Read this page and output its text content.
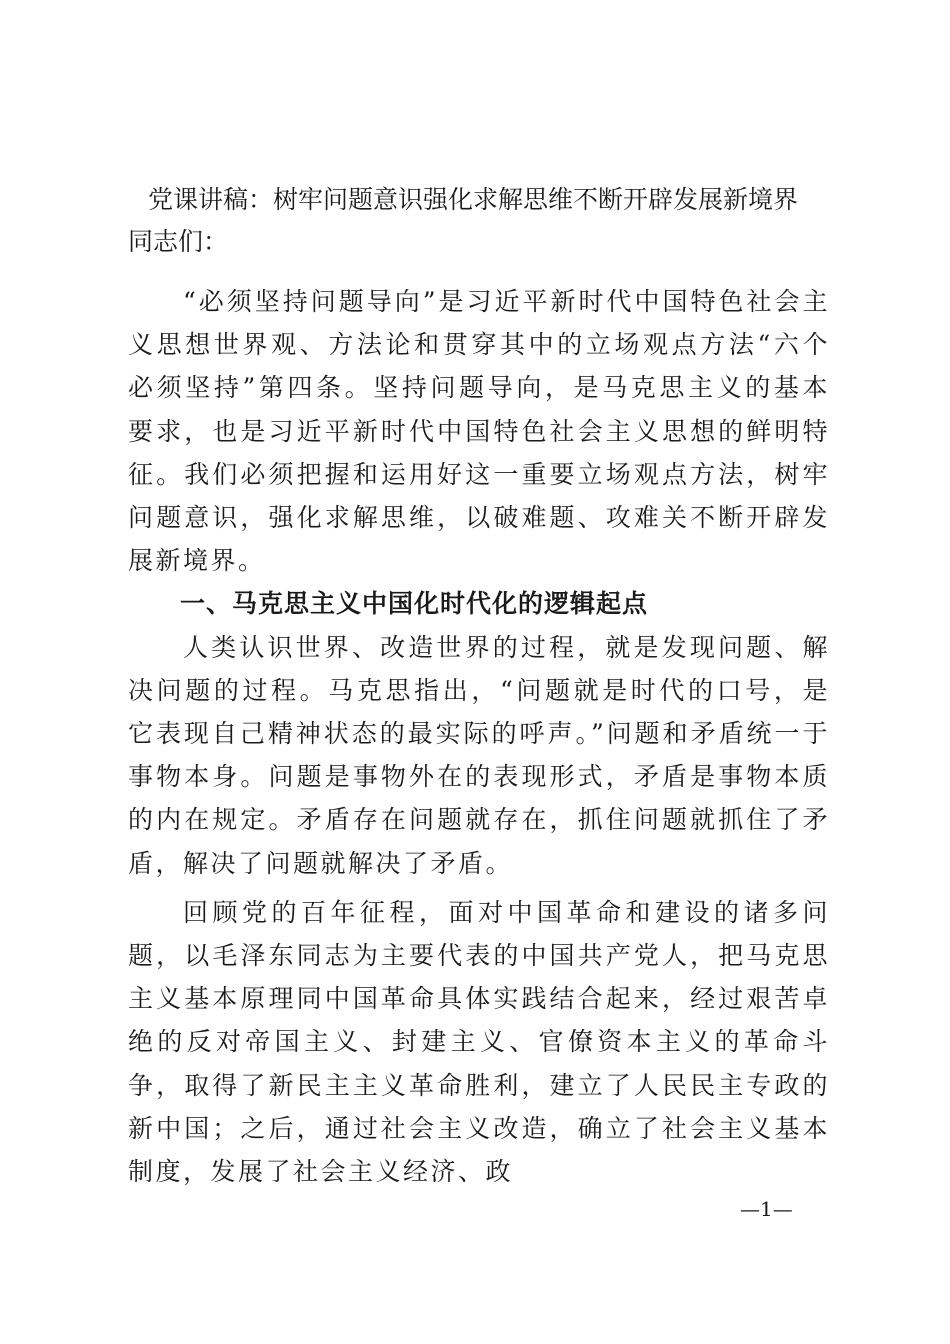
党课讲稿：树牢问题意识强化求解思维不断开辟发展新境界
同志们：

“必须坚持问题导向”是习近平新时代中国特色社会主义思想世界观、方法论和贯穿其中的立场观点方法“六个必须坚持”第四条。坚持问题导向，是马克思主义的基本要求，也是习近平新时代中国特色社会主义思想的鲜明特征。我们必须把握和运用好这一重要立场观点方法，树牢问题意识，强化求解思维，以破难题、攻难关不断开辟发展新境界。

一、马克思主义中国化时代化的逻辑起点

人类认识世界、改造世界的过程，就是发现问题、解决问题的过程。马克思指出，“问题就是时代的口号，是它表现自己精神状态的最实际的呼声。”问题和矛盾统一于事物本身。问题是事物外在的表现形式，矛盾是事物本质的内在规定。矛盾存在问题就存在，抓住问题就抓住了矛盾，解决了问题就解决了矛盾。

回顾党的百年征程，面对中国革命和建设的诸多问题，以毛泽东同志为主要代表的中国共产党人，把马克思主义基本原理同中国革命具体实践结合起来，经过艰苦卓绝的反对帝国主义、封建主义、官僚资本主义的革命斗争，取得了新民主主义革命胜利，建立了人民民主专政的新中国；之后，通过社会主义改造，确立了社会主义基本制度，发展了社会主义经济、政

—1—
